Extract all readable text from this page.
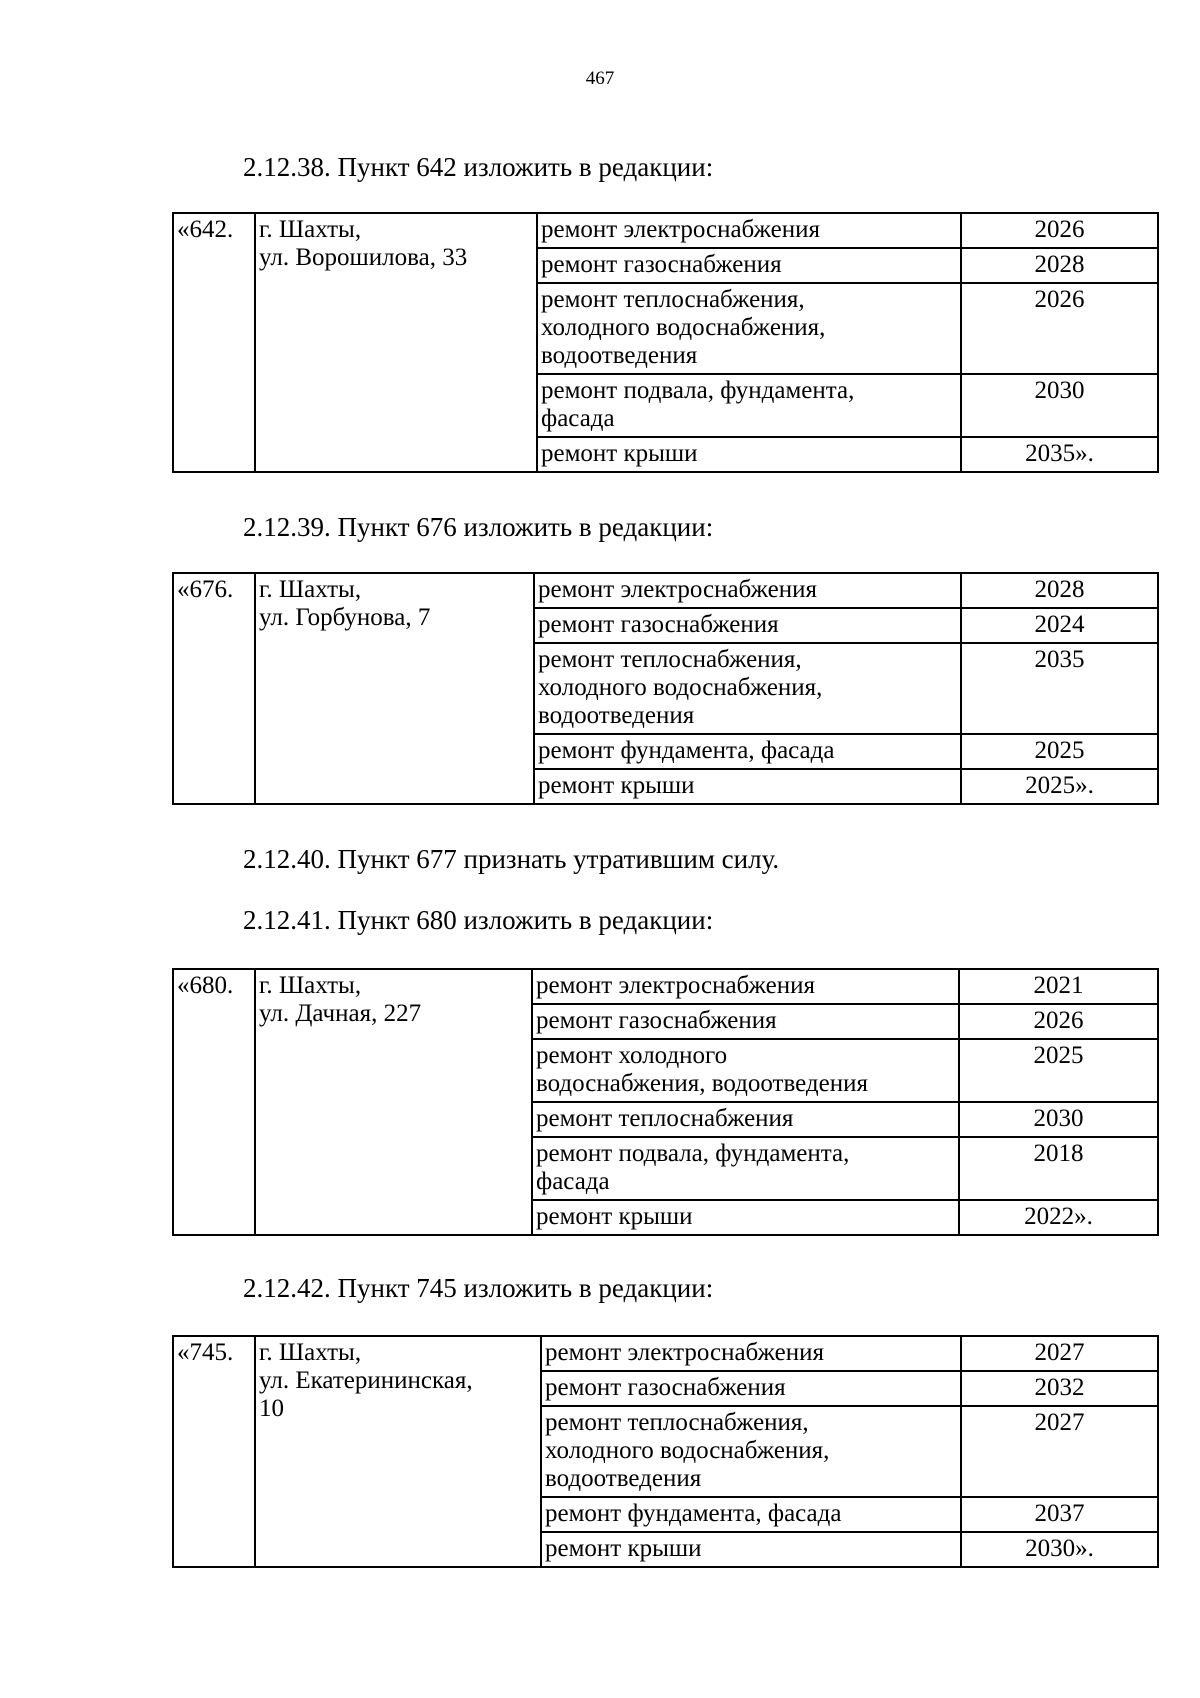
467
2.12.38. Пункт 642 изложить в редакции:
«642.	г. Шахты,
ул. Ворошилова, 33	ремонт электроснабжения	2026
		ремонт газоснабжения	2028
		ремонт теплоснабжения,
холодного водоснабжения,
водоотведения	2026
		ремонт подвала, фундамента,
фасада	2030
		ремонт крыши	2035».
2.12.39. Пункт 676 изложить в редакции:
«676.	г. Шахты,
ул. Горбунова, 7	ремонт электроснабжения	2028
		ремонт газоснабжения	2024
		ремонт теплоснабжения,
холодного водоснабжения,
водоотведения	2035
		ремонт фундамента, фасада	2025
		ремонт крыши	2025».
2.12.40. Пункт 677 признать утратившим силу.
2.12.41. Пункт 680 изложить в редакции:
«680.	г. Шахты,
ул. Дачная, 227	ремонт электроснабжения	2021
		ремонт газоснабжения	2026
		ремонт холодного
водоснабжения, водоотведения	2025
		ремонт теплоснабжения	2030
		ремонт подвала, фундамента,
фасада	2018
		ремонт крыши	2022».
2.12.42. Пункт 745 изложить в редакции:
«745.	г. Шахты,
ул. Екатерининская,
10	ремонт электроснабжения	2027
		ремонт газоснабжения	2032
		ремонт теплоснабжения,
холодного водоснабжения,
водоотведения	2027
		ремонт фундамента, фасада	2037
		ремонт крыши	2030».
